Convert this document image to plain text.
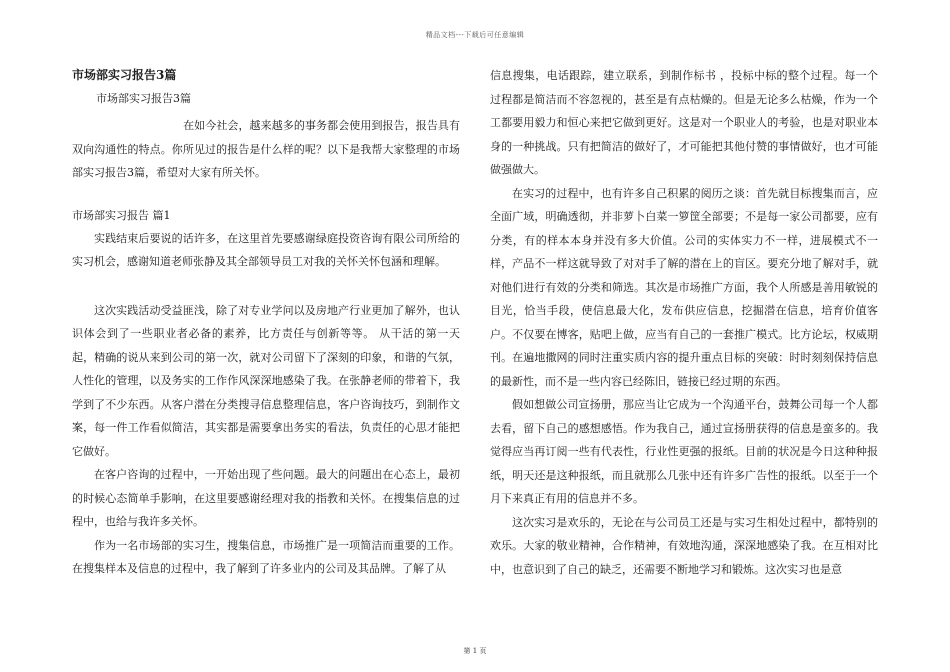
精品文档---下载后可任意编辑
市场部实习报告3篇
市场部实习报告3篇

在如今社会，越来越多的事务都会使用到报告，报告具有双向沟通性的特点。你所见过的报告是什么样的呢？以下是我帮大家整理的市场部实习报告3篇，希望对大家有所关怀。

市场部实习报告 篇1

实践结束后要说的话许多，在这里首先要感谢绿庭投资咨询有限公司所给的实习机会，感谢知道老师张静及其全部领导员工对我的关怀关怀包涵和理解。

这次实践活动受益匪浅，除了对专业学问以及房地产行业更加了解外，也认识体会到了一些职业者必备的素养，比方责任与创新等等。 从干活的第一天起，精确的说从来到公司的第一次，就对公司留下了深刻的印象，和谐的气氛，人性化的管理，以及务实的工作作风深深地感染了我。在张静老师的带着下，我学到了不少东西。从客户潜在分类搜寻信息整理信息，客户咨询技巧，到制作文案，每一件工作看似简洁，其实都是需要拿出务实的看法，负责任的心思才能把它做好。

在客户咨询的过程中，一开始出现了些问题。最大的问题出在心态上，最初的时候心态简单手影响，在这里要感谢经理对我的指教和关怀。在搜集信息的过程中，也给与我许多关怀。

作为一名市场部的实习生，搜集信息，市场推广是一项简洁而重要的工作。在搜集样本及信息的过程中，我了解到了许多业内的公司及其品牌。了解了从

信息搜集，电话跟踪，建立联系，到制作标书 ，投标中标的整个过程。每一个过程都是简洁而不容忽视的，甚至是有点枯燥的。但是无论多么枯燥，作为一个工都要用毅力和恒心来把它做到更好。这是对一个职业人的考验，也是对职业本身的一种挑战。只有把简洁的做好了，才可能把其他付赞的事情做好，也才可能做强做大。

在实习的过程中，也有许多自己积累的阅历之谈：首先就目标搜集而言，应全面广域，明确透彻，并非萝卜白菜一箩筐全部要；不是每一家公司都要，应有分类，有的样本本身并没有多大价值。公司的实体实力不一样，进展模式不一样，产品不一样这就导致了对对手了解的潜在上的盲区。要充分地了解对手，就对他们进行有效的分类和筛选。其次是市场推广方面，我个人所感是善用敏锐的目光，恰当手段，使信息最大化，发布供应信息，挖掘潜在信息，培育价值客户。不仅要在博客，贴吧上做，应当有自己的一套推广模式。比方论坛，权威期刊。在遍地撒网的同时注重实质内容的提升重点目标的突破：时时刻刻保持信息的最新性，而不是一些内容已经陈旧，链接已经过期的东西。

假如想做公司宣扬册，那应当让它成为一个沟通平台，鼓舞公司每一个人都去看，留下自己的感想感悟。作为我自己，通过宣扬册获得的信息是蛮多的。我觉得应当再订阅一些有代表性，行业性更强的报纸。目前的状况是今日这种种报纸，明天还是这种报纸，而且就那么几张中还有许多广告性的报纸。以至于一个月下来真正有用的信息并不多。

这次实习是欢乐的，无论在与公司员工还是与实习生相处过程中，都特别的欢乐。大家的敬业精神，合作精神，有效地沟通，深深地感染了我。在互相对比中，也意识到了自己的缺乏，还需要不断地学习和锻炼。这次实习也是意

第 1 页
